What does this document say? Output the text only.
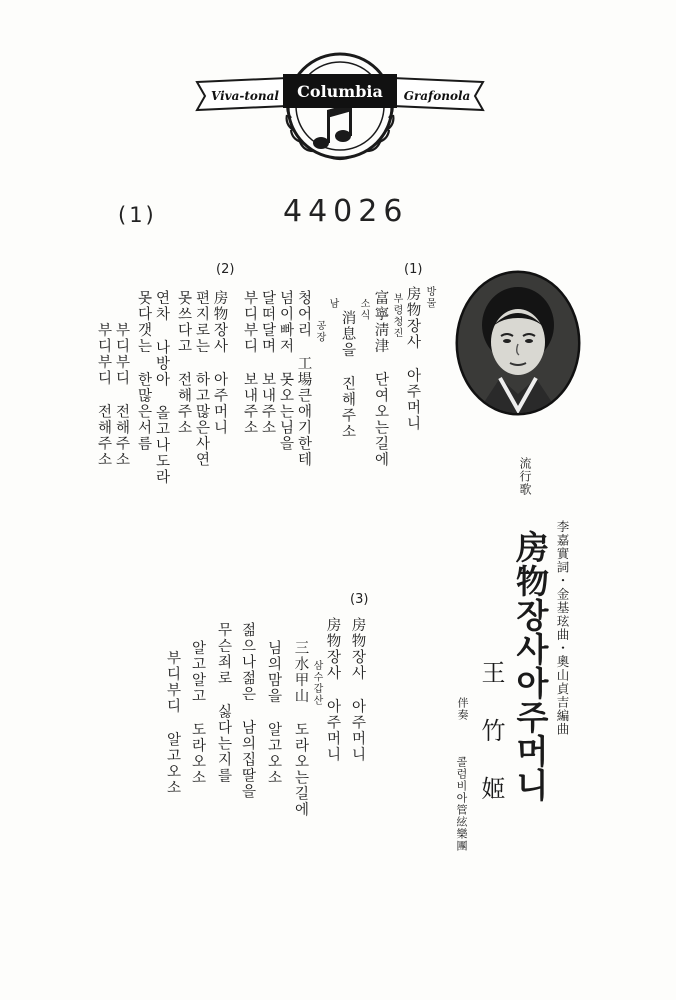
Viva-tonal Columbia Grafonola
(1)	44026
(1)
방물
房物장사 아주머니
부령청진
富寧淸津 단여오는길에
소식
消息을 진해주소
남
공장
청어리 工場큰애기한테
넘이빠저 못오는님을
달떠달며 보내주소
부디부디 보내주소
(2)
房物장사 아주머니
편지로는 하고많은사연
못쓰다고 전해주소
연차 나방아 올고나도라
못다갯는 한많은서름
부디부디 전해주소
부디부디 전해주소
(3)
房物장사 아주머니
房物장사 아주머니
삼수갑산
三水甲山 도라오는길에
님의맘을 알고오소
젊으나젊은 남의집딸을
무슨죄로 싫다는지를
알고알고 도라오소
부디부디 알고오소
流行歌
李嘉實詞・金基玹曲・奧山貞吉編曲
房物장사아주머니
王竹姬
伴奏
콜럼비아管絃樂團
